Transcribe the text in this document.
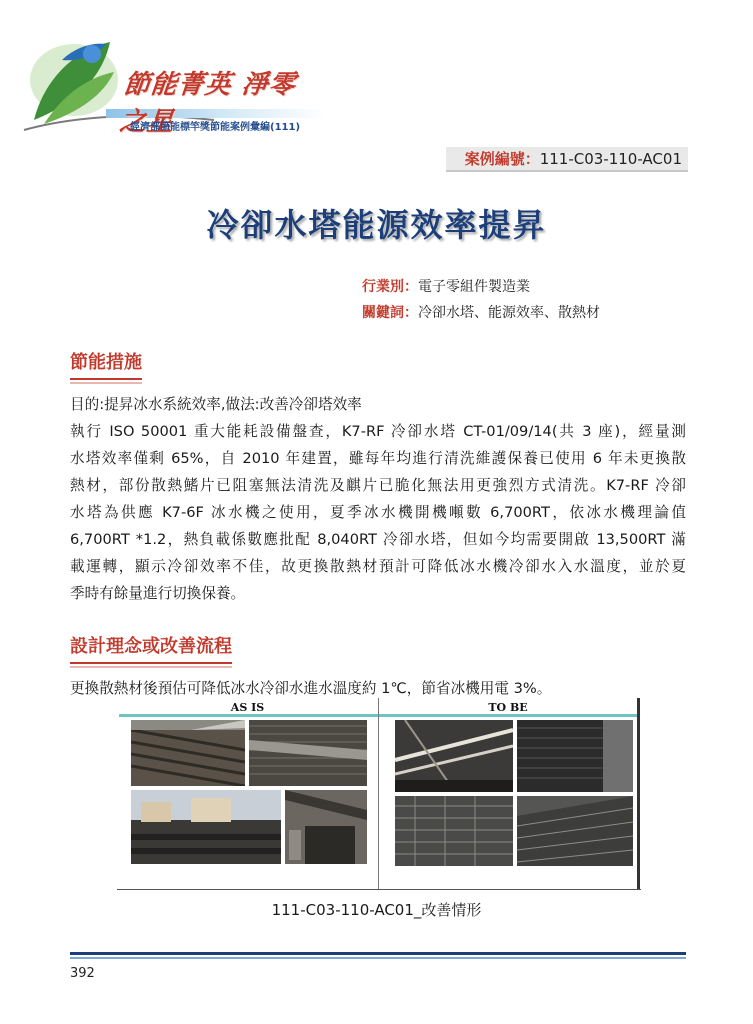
節能菁英 淨零之星
經濟部節能標竿獎節能案例彙編(111)
案例編號：111-C03-110-AC01
冷卻水塔能源效率提昇
行業別：電子零組件製造業
關鍵詞：冷卻水塔、能源效率、散熱材
節能措施
目的:提昇冰水系統效率,做法:改善冷卻塔效率
執行 ISO 50001 重大能耗設備盤查，K7-RF 冷卻水塔 CT-01/09/14(共 3 座)，經量測
水塔效率僅剩 65%，自 2010 年建置，雖每年均進行清洗維護保養已使用 6 年未更換散
熱材，部份散熱鰭片已阻塞無法清洗及麒片已脆化無法用更強烈方式清洗。K7-RF 冷卻
水塔為供應 K7-6F 冰水機之使用，夏季冰水機開機噸數 6,700RT，依冰水機理論值
6,700RT *1.2，熱負載係數應批配 8,040RT 冷卻水塔，但如今均需要開啟 13,500RT 滿
載運轉，顯示冷卻效率不佳，故更換散熱材預計可降低冰水機冷卻水入水溫度，並於夏
季時有餘量進行切換保養。
設計理念或改善流程
更換散熱材後預估可降低冰水冷卻水進水溫度約 1℃，節省冰機用電 3%。
AS IS	TO BE
111-C03-110-AC01_改善情形
392
